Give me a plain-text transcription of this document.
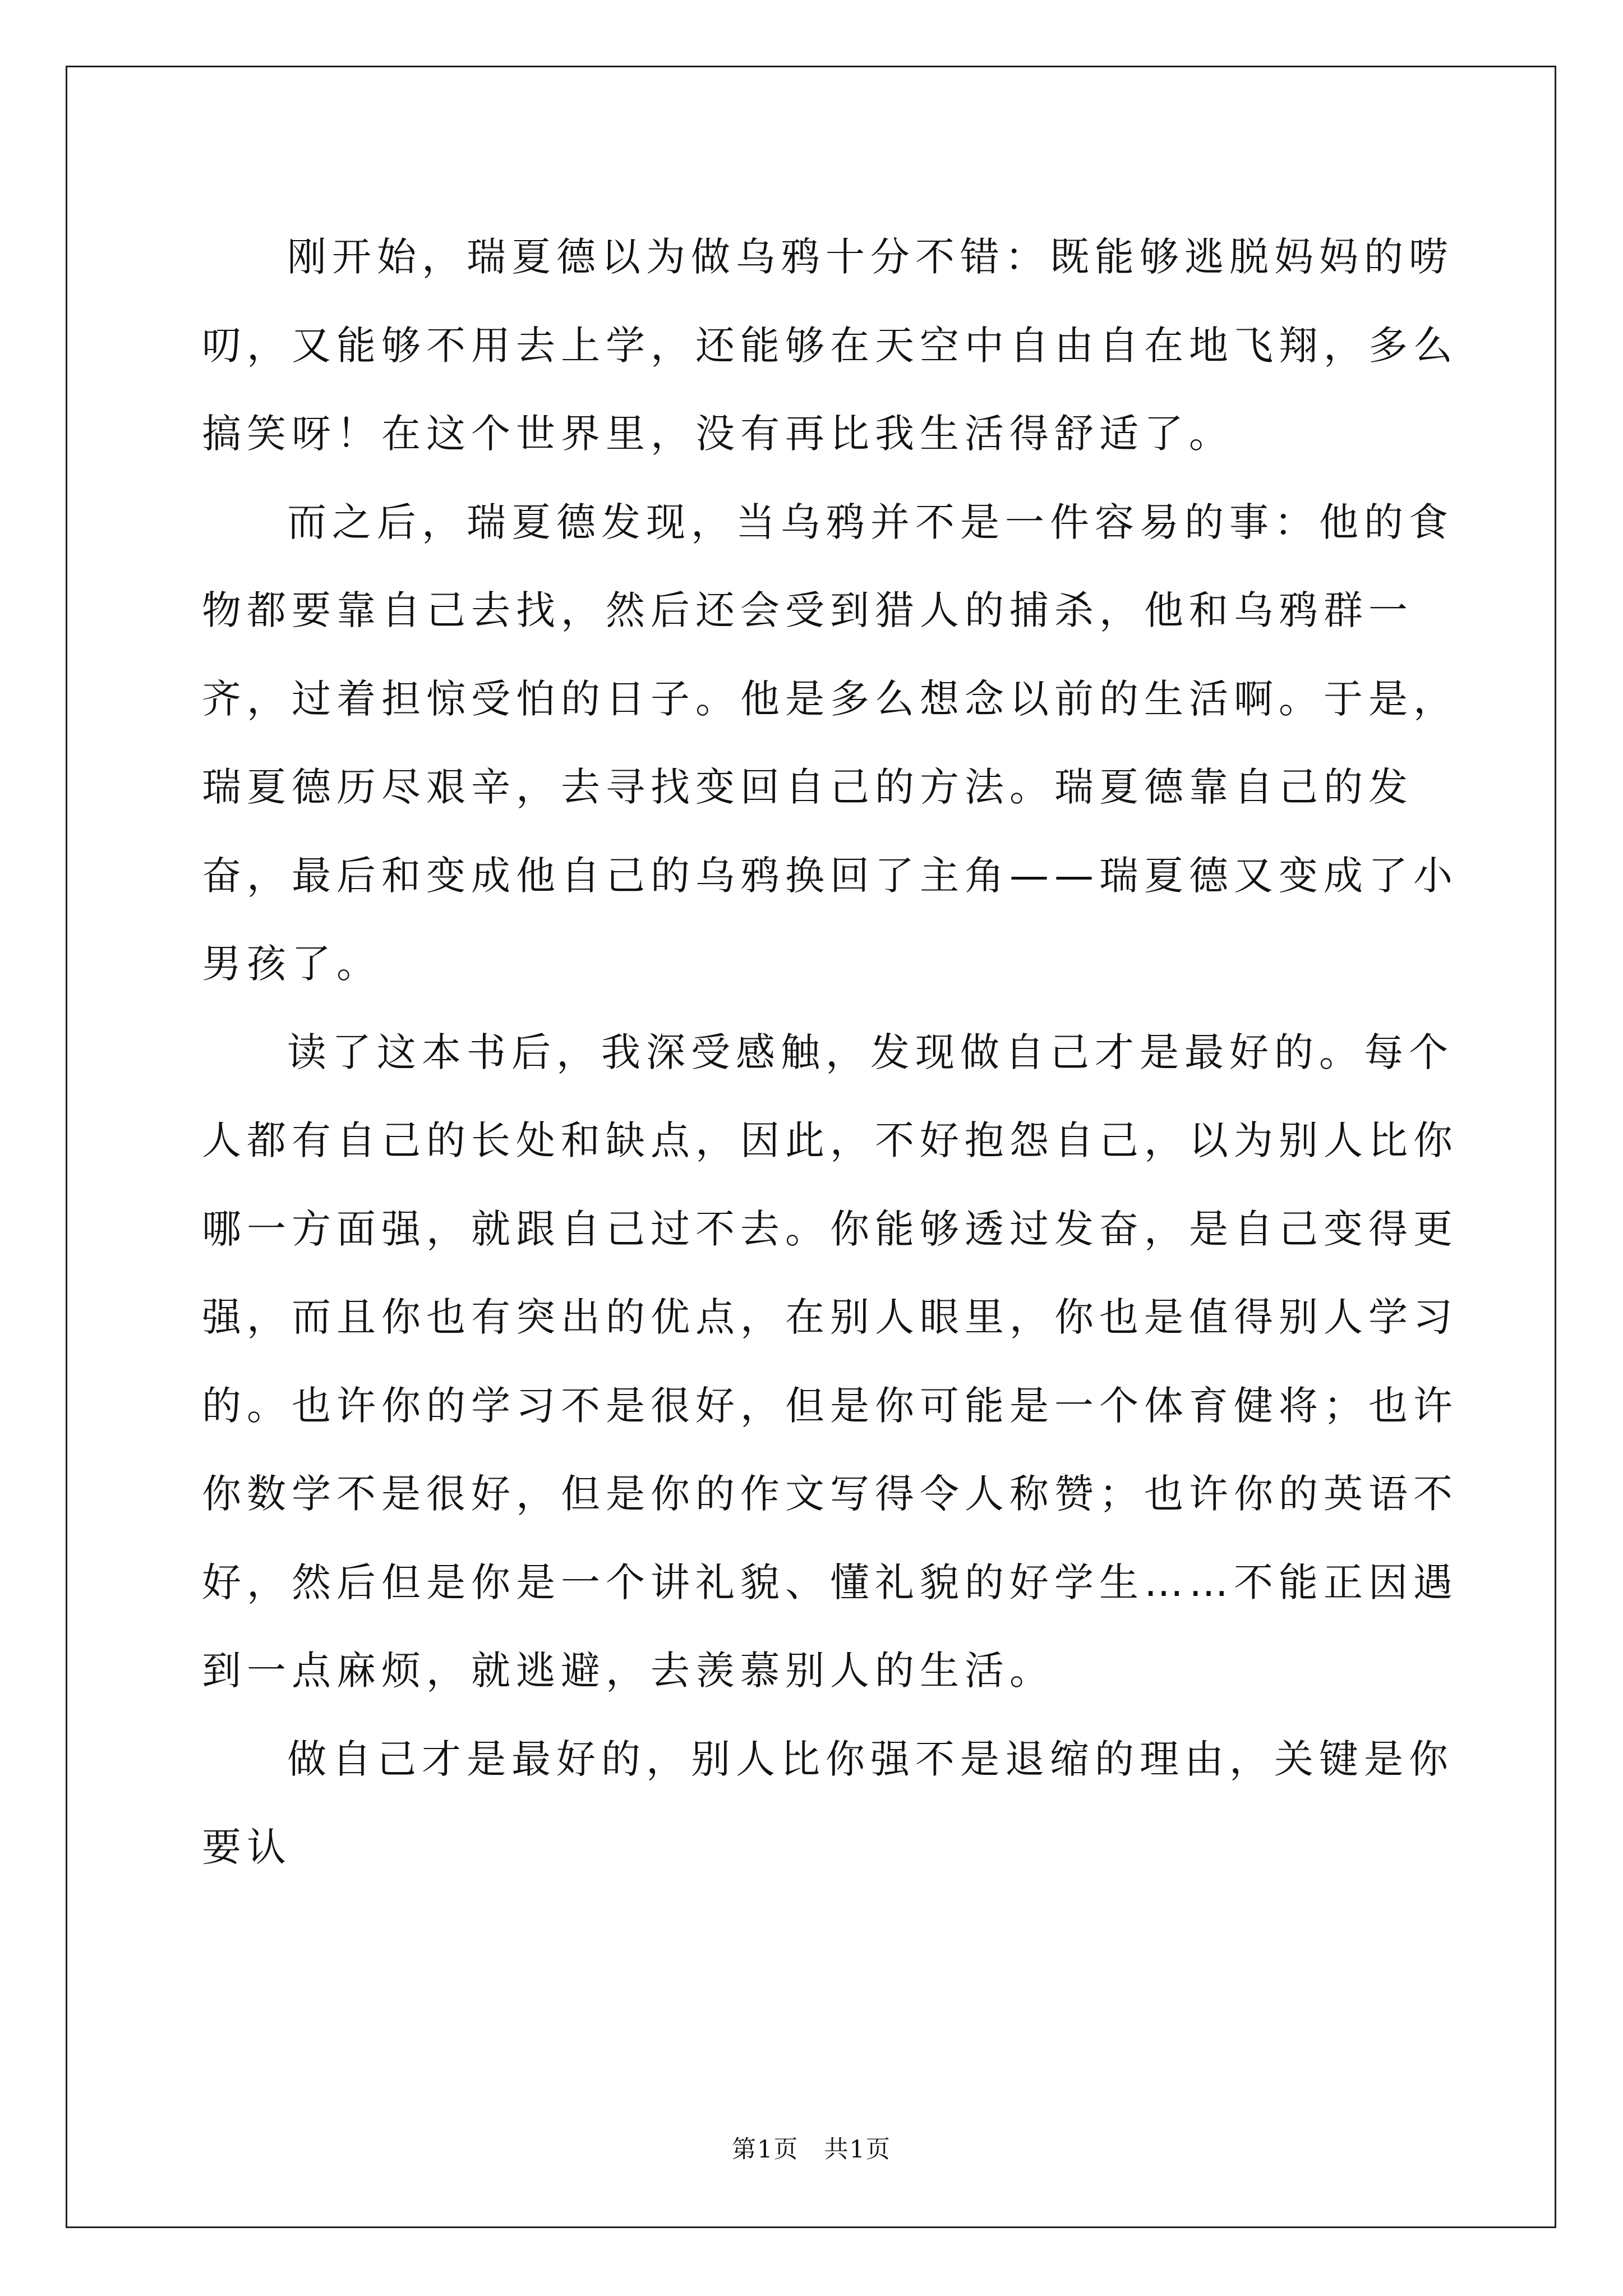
刚开始，瑞夏德以为做乌鸦十分不错：既能够逃脱妈妈的唠叨，又能够不用去上学，还能够在天空中自由自在地飞翔，多么搞笑呀！在这个世界里，没有再比我生活得舒适了。

而之后，瑞夏德发现，当乌鸦并不是一件容易的事：他的食物都要靠自己去找，然后还会受到猎人的捕杀，他和乌鸦群一齐，过着担惊受怕的日子。他是多么想念以前的生活啊。于是，瑞夏德历尽艰辛，去寻找变回自己的方法。瑞夏德靠自己的发奋，最后和变成他自己的乌鸦换回了主角——瑞夏德又变成了小男孩了。

读了这本书后，我深受感触，发现做自己才是最好的。每个人都有自己的长处和缺点，因此，不好抱怨自己，以为别人比你哪一方面强，就跟自己过不去。你能够透过发奋，是自己变得更强，而且你也有突出的优点，在别人眼里，你也是值得别人学习的。也许你的学习不是很好，但是你可能是一个体育健将；也许你数学不是很好，但是你的作文写得令人称赞；也许你的英语不好，然后但是你是一个讲礼貌、懂礼貌的好学生……不能正因遇到一点麻烦，就逃避，去羡慕别人的生活。

做自己才是最好的，别人比你强不是退缩的理由，关键是你要认

第1页　共1页
